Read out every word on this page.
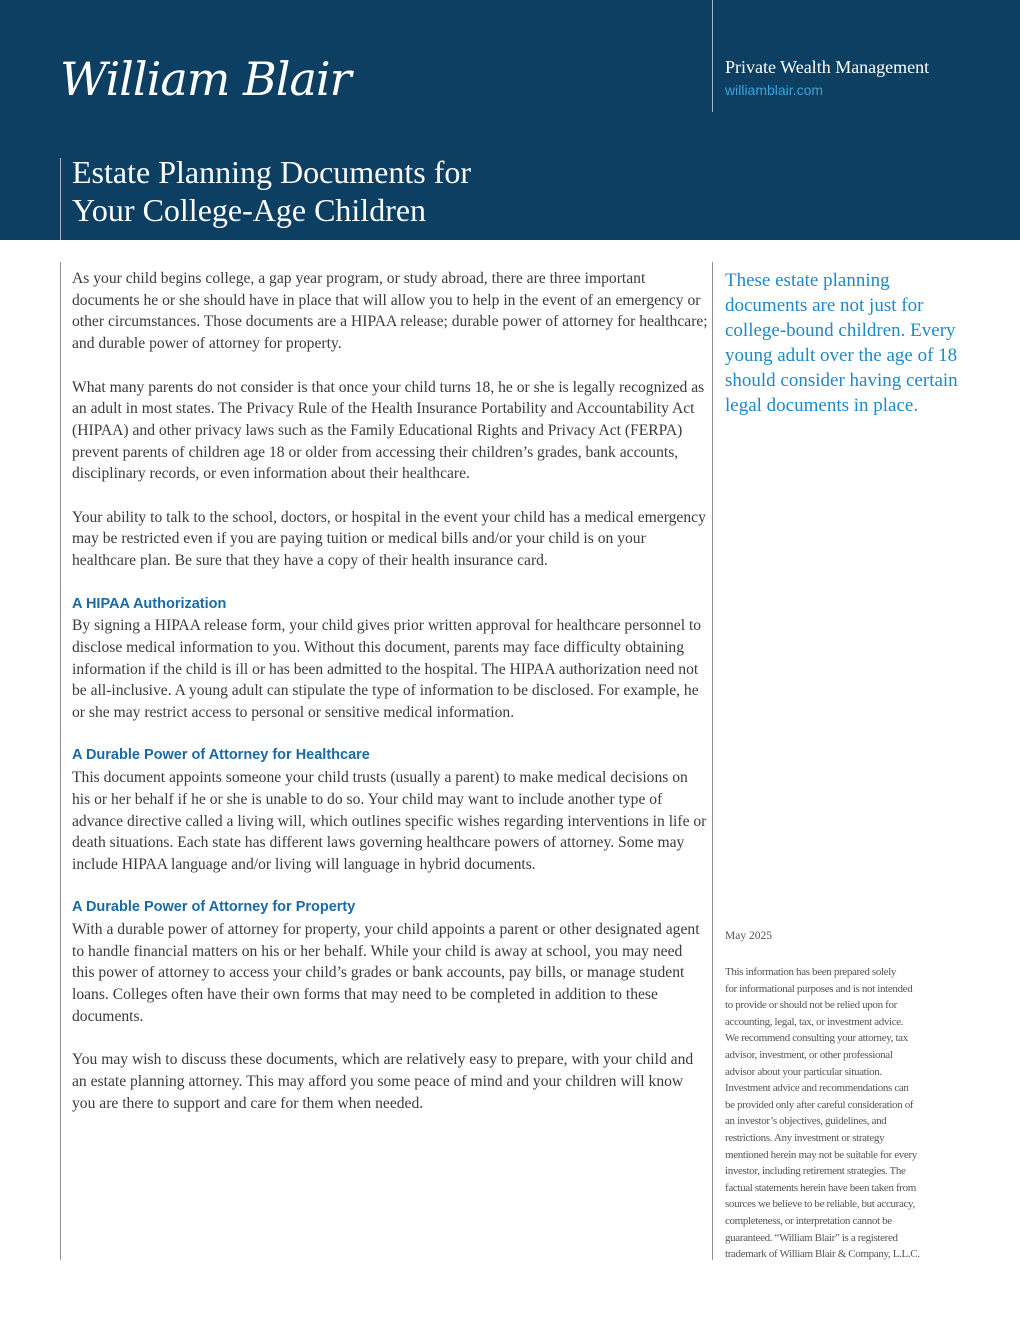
William Blair	Private Wealth Management
williamblair.com
Estate Planning Documents for
Your College-Age Children

As your child begins college, a gap year program, or study abroad, there are three important documents he or she should have in place that will allow you to help in the event of an emergency or other circumstances. Those documents are a HIPAA release; durable power of attorney for healthcare; and durable power of attorney for property.

What many parents do not consider is that once your child turns 18, he or she is legally recognized as an adult in most states. The Privacy Rule of the Health Insurance Portability and Accountability Act (HIPAA) and other privacy laws such as the Family Educational Rights and Privacy Act (FERPA) prevent parents of children age 18 or older from accessing their children’s grades, bank accounts, disciplinary records, or even information about their healthcare.

Your ability to talk to the school, doctors, or hospital in the event your child has a medical emergency may be restricted even if you are paying tuition or medical bills and/or your child is on your healthcare plan. Be sure that they have a copy of their health insurance card.

A HIPAA Authorization

By signing a HIPAA release form, your child gives prior written approval for healthcare personnel to disclose medical information to you. Without this document, parents may face difficulty obtaining information if the child is ill or has been admitted to the hospital. The HIPAA authorization need not be all-inclusive. A young adult can stipulate the type of information to be disclosed. For example, he or she may restrict access to personal or sensitive medical information.

A Durable Power of Attorney for Healthcare

This document appoints someone your child trusts (usually a parent) to make medical decisions on his or her behalf if he or she is unable to do so. Your child may want to include another type of advance directive called a living will, which outlines specific wishes regarding interventions in life or death situations. Each state has different laws governing healthcare powers of attorney. Some may include HIPAA language and/or living will language in hybrid documents.

A Durable Power of Attorney for Property

With a durable power of attorney for property, your child appoints a parent or other designated agent to handle financial matters on his or her behalf. While your child is away at school, you may need this power of attorney to access your child’s grades or bank accounts, pay bills, or manage student loans. Colleges often have their own forms that may need to be completed in addition to these documents.

You may wish to discuss these documents, which are relatively easy to prepare, with your child and an estate planning attorney. This may afford you some peace of mind and your children will know you are there to support and care for them when needed.

These estate planning documents are not just for college-bound children. Every young adult over the age of 18 should consider having certain legal documents in place.
May 2025
This information has been prepared solely
for informational purposes and is not intended
to provide or should not be relied upon for
accounting, legal, tax, or investment advice.
We recommend consulting your attorney, tax
advisor, investment, or other professional
advisor about your particular situation.
Investment advice and recommendations can
be provided only after careful consideration of
an investor’s objectives, guidelines, and
restrictions. Any investment or strategy
mentioned herein may not be suitable for every
investor, including retirement strategies. The
factual statements herein have been taken from
sources we believe to be reliable, but accuracy,
completeness, or interpretation cannot be
guaranteed. “William Blair” is a registered
trademark of William Blair & Company, L.L.C.
